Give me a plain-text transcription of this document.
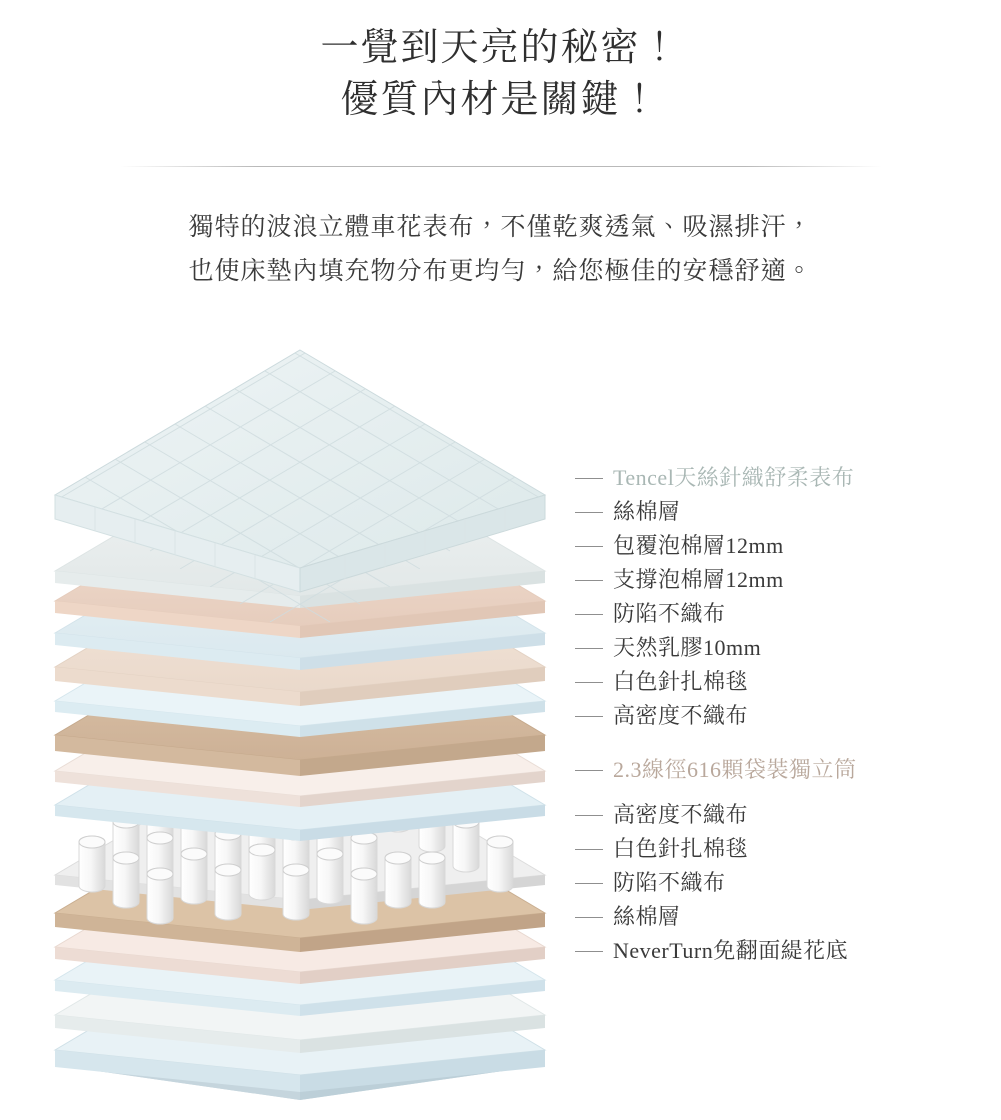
一覺到天亮的秘密！
優質內材是關鍵！
獨特的波浪立體車花表布，不僅乾爽透氣、吸濕排汗，
也使床墊內填充物分布更均勻，給您極佳的安穩舒適。
Tencel天絲針織舒柔表布
絲棉層
包覆泡棉層12mm
支撐泡棉層12mm
防陷不織布
天然乳膠10mm
白色針扎棉毯
高密度不織布
2.3線徑616顆袋裝獨立筒
高密度不織布
白色針扎棉毯
防陷不織布
絲棉層
NeverTurn免翻面緹花底
